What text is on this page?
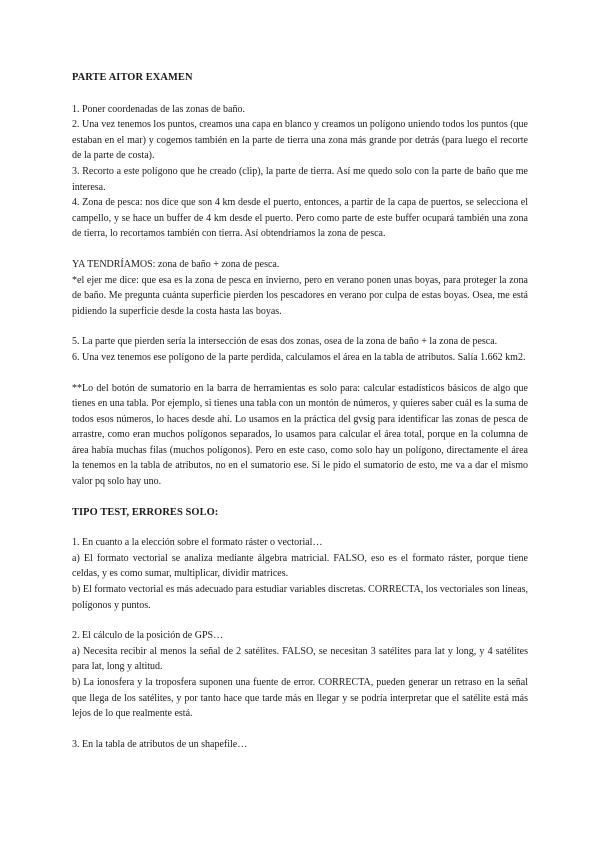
PARTE AITOR EXAMEN

1. Poner coordenadas de las zonas de baño.

2. Una vez tenemos los puntos, creamos una capa en blanco y creamos un polígono uniendo todos los puntos (que estaban en el mar) y cogemos también en la parte de tierra una zona más grande por detrás (para luego el recorte de la parte de costa).

3. Recorto a este polígono que he creado (clip), la parte de tierra. Así me quedo solo con la parte de baño que me interesa.

4. Zona de pesca: nos dice que son 4 km desde el puerto, entonces, a partir de la capa de puertos, se selecciona el campello, y se hace un buffer de 4 km desde el puerto. Pero como parte de este buffer ocupará también una zona de tierra, lo recortamos también con tierra. Así obtendríamos la zona de pesca.

YA TENDRÍAMOS: zona de baño + zona de pesca.

*el ejer me dice: que esa es la zona de pesca en invierno, pero en verano ponen unas boyas, para proteger la zona de baño. Me pregunta cuánta superficie pierden los pescadores en verano por culpa de estas boyas. Osea, me está pidiendo la superficie desde la costa hasta las boyas.

5. La parte que pierden sería la intersección de esas dos zonas, osea de la zona de baño + la zona de pesca.

6. Una vez tenemos ese polígono de la parte perdida, calculamos el área en la tabla de atributos. Salía 1.662 km2.

**Lo del botón de sumatorio en la barra de herramientas es solo para: calcular estadísticos básicos de algo que tienes en una tabla. Por ejemplo, si tienes una tabla con un montón de números, y quieres saber cuál es la suma de todos esos números, lo haces desde ahí. Lo usamos en la práctica del gvsig para identificar las zonas de pesca de arrastre, como eran muchos polígonos separados, lo usamos para calcular el área total, porque en la columna de área había muchas filas (muchos polígonos). Pero en este caso, como solo hay un polígono, directamente el área la tenemos en la tabla de atributos, no en el sumatorio ese. Si le pido el sumatorio de esto, me va a dar el mismo valor pq solo hay uno.

TIPO TEST, ERRORES SOLO:

1. En cuanto a la elección sobre el formato ráster o vectorial…

a) El formato vectorial se analiza mediante álgebra matricial. FALSO, eso es el formato ráster, porque tiene celdas, y es como sumar, multiplicar, dividir matrices.

b) El formato vectorial es más adecuado para estudiar variables discretas. CORRECTA, los vectoriales son líneas, polígonos y puntos.

2. El cálculo de la posición de GPS…

a) Necesita recibir al menos la señal de 2 satélites. FALSO, se necesitan 3 satélites para lat y long, y 4 satélites para lat, long y altitud.

b) La ionosfera y la troposfera suponen una fuente de error. CORRECTA, pueden generar un retraso en la señal que llega de los satélites, y por tanto hace que tarde más en llegar y se podría interpretar que el satélite está más lejos de lo que realmente está.

3. En la tabla de atributos de un shapefile…
